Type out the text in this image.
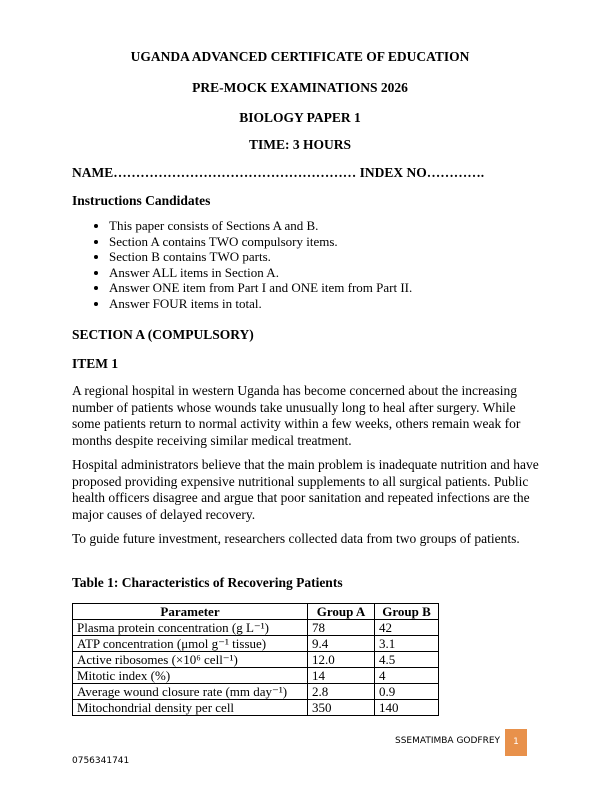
UGANDA ADVANCED CERTIFICATE OF EDUCATION
PRE-MOCK EXAMINATIONS 2026
BIOLOGY PAPER 1
TIME: 3 HOURS
NAME……………………………………………… INDEX NO………….
Instructions Candidates
• This paper consists of Sections A and B.
• Section A contains TWO compulsory items.
• Section B contains TWO parts.
• Answer ALL items in Section A.
• Answer ONE item from Part I and ONE item from Part II.
• Answer FOUR items in total.
SECTION A (COMPULSORY)
ITEM 1

A regional hospital in western Uganda has become concerned about the increasing number of patients whose wounds take unusually long to heal after surgery. While some patients return to normal activity within a few weeks, others remain weak for months despite receiving similar medical treatment.

Hospital administrators believe that the main problem is inadequate nutrition and have proposed providing expensive nutritional supplements to all surgical patients. Public health officers disagree and argue that poor sanitation and repeated infections are the major causes of delayed recovery.

To guide future investment, researchers collected data from two groups of patients.

Table 1: Characteristics of Recovering Patients
Parameter	Group A	Group B
Plasma protein concentration (g L⁻¹)	78	42
ATP concentration (μmol g⁻¹ tissue)	9.4	3.1
Active ribosomes (×10⁶ cell⁻¹)	12.0	4.5
Mitotic index (%)	14	4
Average wound closure rate (mm day⁻¹)	2.8	0.9
Mitochondrial density per cell	350	140
SSEMATIMBA GODFREY	1
0756341741
